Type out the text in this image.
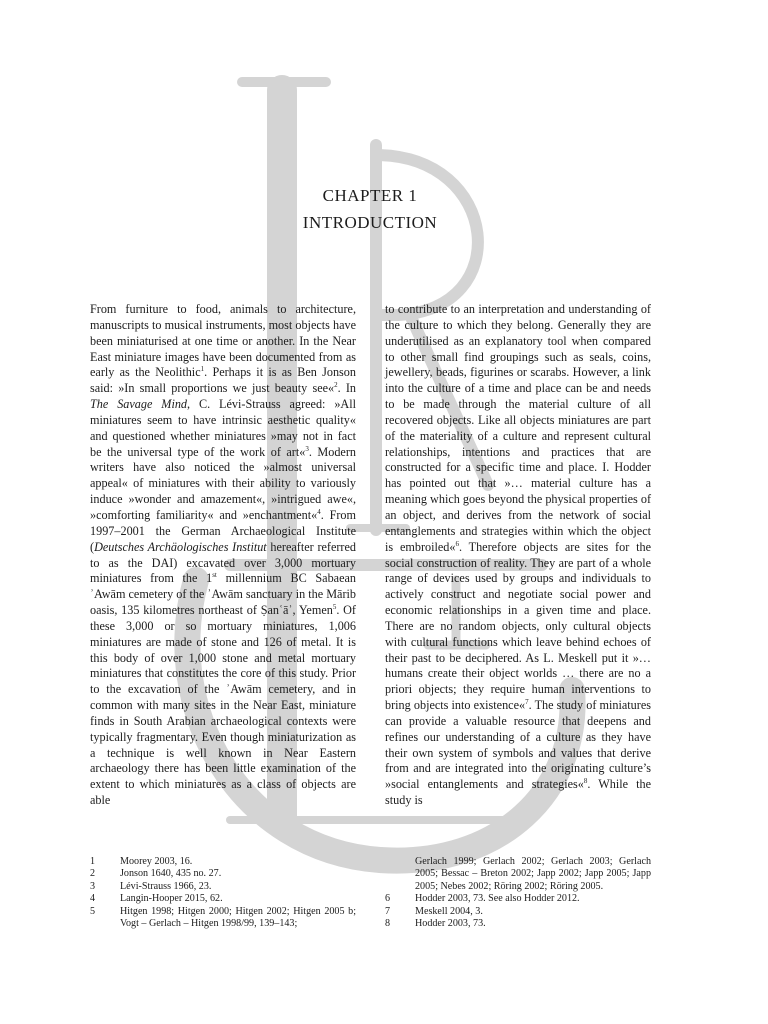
CHAPTER 1
INTRODUCTION
From furniture to food, animals to architecture, manuscripts to musical instruments, most objects have been miniaturised at one time or another. In the Near East miniature images have been documented from as early as the Neolithic$^1$. Perhaps it is as Ben Jonson said: »In small proportions we just beauty see«$^2$. In The Savage Mind, C. Lévi-Strauss agreed: »All miniatures seem to have intrinsic aesthetic quality« and questioned whether miniatures »may not in fact be the universal type of the work of art«$^3$. Modern writers have also noticed the »almost universal appeal« of miniatures with their ability to variously induce »wonder and amazement«, »intrigued awe«, »comforting familiarity« and »enchantment«$^4$. From 1997–2001 the German Archaeological Institute (Deutsches Archäologisches Institut hereafter referred to as the DAI) excavated over 3,000 mortuary miniatures from the 1st millennium BC Sabaean ʾAwām cemetery of the ʾAwām sanctuary in the Mārib oasis, 135 kilometres northeast of Ṣanʿāʾ, Yemen$^5$. Of these 3,000 or so mortuary miniatures, 1,006 miniatures are made of stone and 126 of metal. It is this body of over 1,000 stone and metal mortuary miniatures that constitutes the core of this study. Prior to the excavation of the ʾAwām cemetery, and in common with many sites in the Near East, miniature finds in South Arabian archaeological contexts were typically fragmentary. Even though miniaturization as a technique is well known in Near Eastern archaeology there has been little examination of the extent to which miniatures as a class of objects are able
to contribute to an interpretation and understanding of the culture to which they belong. Generally they are underutilised as an explanatory tool when compared to other small find groupings such as seals, coins, jewellery, beads, figurines or scarabs. However, a link into the culture of a time and place can be and needs to be made through the material culture of all recovered objects. Like all objects miniatures are part of the materiality of a culture and represent cultural relationships, intentions and practices that are constructed for a specific time and place. I. Hodder has pointed out that »… material culture has a meaning which goes beyond the physical properties of an object, and derives from the network of social entanglements and strategies within which the object is embroiled«$^6$. Therefore objects are sites for the social construction of reality. They are part of a whole range of devices used by groups and individuals to actively construct and negotiate social power and economic relationships in a given time and place. There are no random objects, only cultural objects with cultural functions which leave behind echoes of their past to be deciphered. As L. Meskell put it »… humans create their object worlds … there are no a priori objects; they require human interventions to bring objects into existence«$^7$. The study of miniatures can provide a valuable resource that deepens and refines our understanding of a culture as they have their own system of symbols and values that derive from and are integrated into the originating culture’s »social entanglements and strategies«$^8$. While the study is
1	Moorey 2003, 16.
2	Jonson 1640, 435 no. 27.
3	Lévi-Strauss 1966, 23.
4	Langin-Hooper 2015, 62.
5	Hitgen 1998; Hitgen 2000; Hitgen 2002; Hitgen 2005 b; Vogt – Gerlach – Hitgen 1998/99, 139–143;
Gerlach 1999; Gerlach 2002; Gerlach 2003; Gerlach 2005; Bessac – Breton 2002; Japp 2002; Japp 2005; Japp 2005; Nebes 2002; Röring 2002; Röring 2005.
6	Hodder 2003, 73. See also Hodder 2012.
7	Meskell 2004, 3.
8	Hodder 2003, 73.
